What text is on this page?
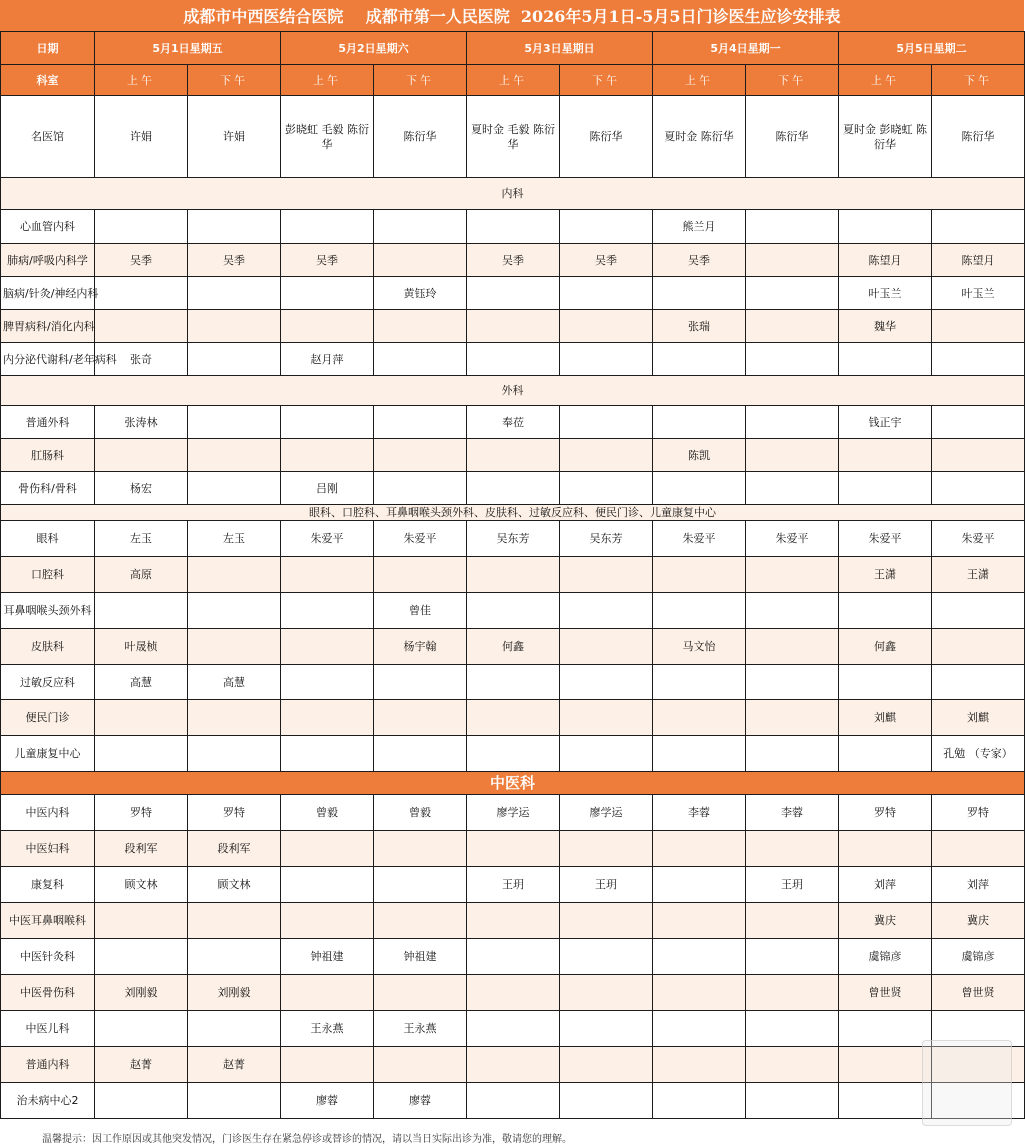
成都市中西医结合医院    成都市第一人民医院  2026年5月1日-5月5日门诊医生应诊安排表
日期	5月1日星期五		5月2日星期六		5月3日星期日		5月4日星期一		5月5日星期二	
科室	上午	下午	上午	下午	上午	下午	上午	下午	上午	下午
名医馆	许娟	许娟	彭晓虹 毛毅 陈衍华	陈衍华	夏时金 毛毅 陈衍华	陈衍华	夏时金 陈衍华	陈衍华	夏时金 彭晓虹 陈衍华	陈衍华
内科										
心血管内科							熊兰月			
肺病/呼吸内科学	吴季	吴季	吴季		吴季	吴季	吴季		陈望月	陈望月
脑病/针灸/神经内科				黄钰玲					叶玉兰	叶玉兰
脾胃病科/消化内科							张瑞		魏华	
内分泌代谢科/老年病科	张奇		赵月萍							
外科										
普通外科	张涛林				奉莅				钱正宇	
肛肠科							陈凯			
骨伤科/骨科	杨宏		吕刚							
眼科、口腔科、耳鼻咽喉头颈外科、皮肤科、过敏反应科、便民门诊、儿童康复中心										
眼科	左玉	左玉	朱爱平	朱爱平	吴东芳	吴东芳	朱爱平	朱爱平	朱爱平	朱爱平
口腔科	高原								王潇	王潇
耳鼻咽喉头颈外科				曾佳						
皮肤科	叶晟桢			杨宇翰	何鑫		马文怡		何鑫	
过敏反应科	高慧	高慧								
便民门诊									刘麒	刘麒
儿童康复中心										孔勉 （专家）
中医科										
中医内科	罗特	罗特	曾毅	曾毅	廖学运	廖学运	李蓉	李蓉	罗特	罗特
中医妇科	段利军	段利军								
康复科	顾文林	顾文林			王玥	王玥		王玥	刘萍	刘萍
中医耳鼻咽喉科									冀庆	冀庆
中医针灸科			钟祖建	钟祖建					虞锦彦	虞锦彦
中医骨伤科	刘刚毅	刘刚毅							曾世贤	曾世贤
中医儿科			王永燕	王永燕						
普通内科	赵菁	赵菁								
治未病中心2			廖蓉	廖蓉						
温馨提示：因工作原因或其他突发情况，门诊医生存在紧急停诊或替诊的情况，请以当日实际出诊为准，敬请您的理解。
